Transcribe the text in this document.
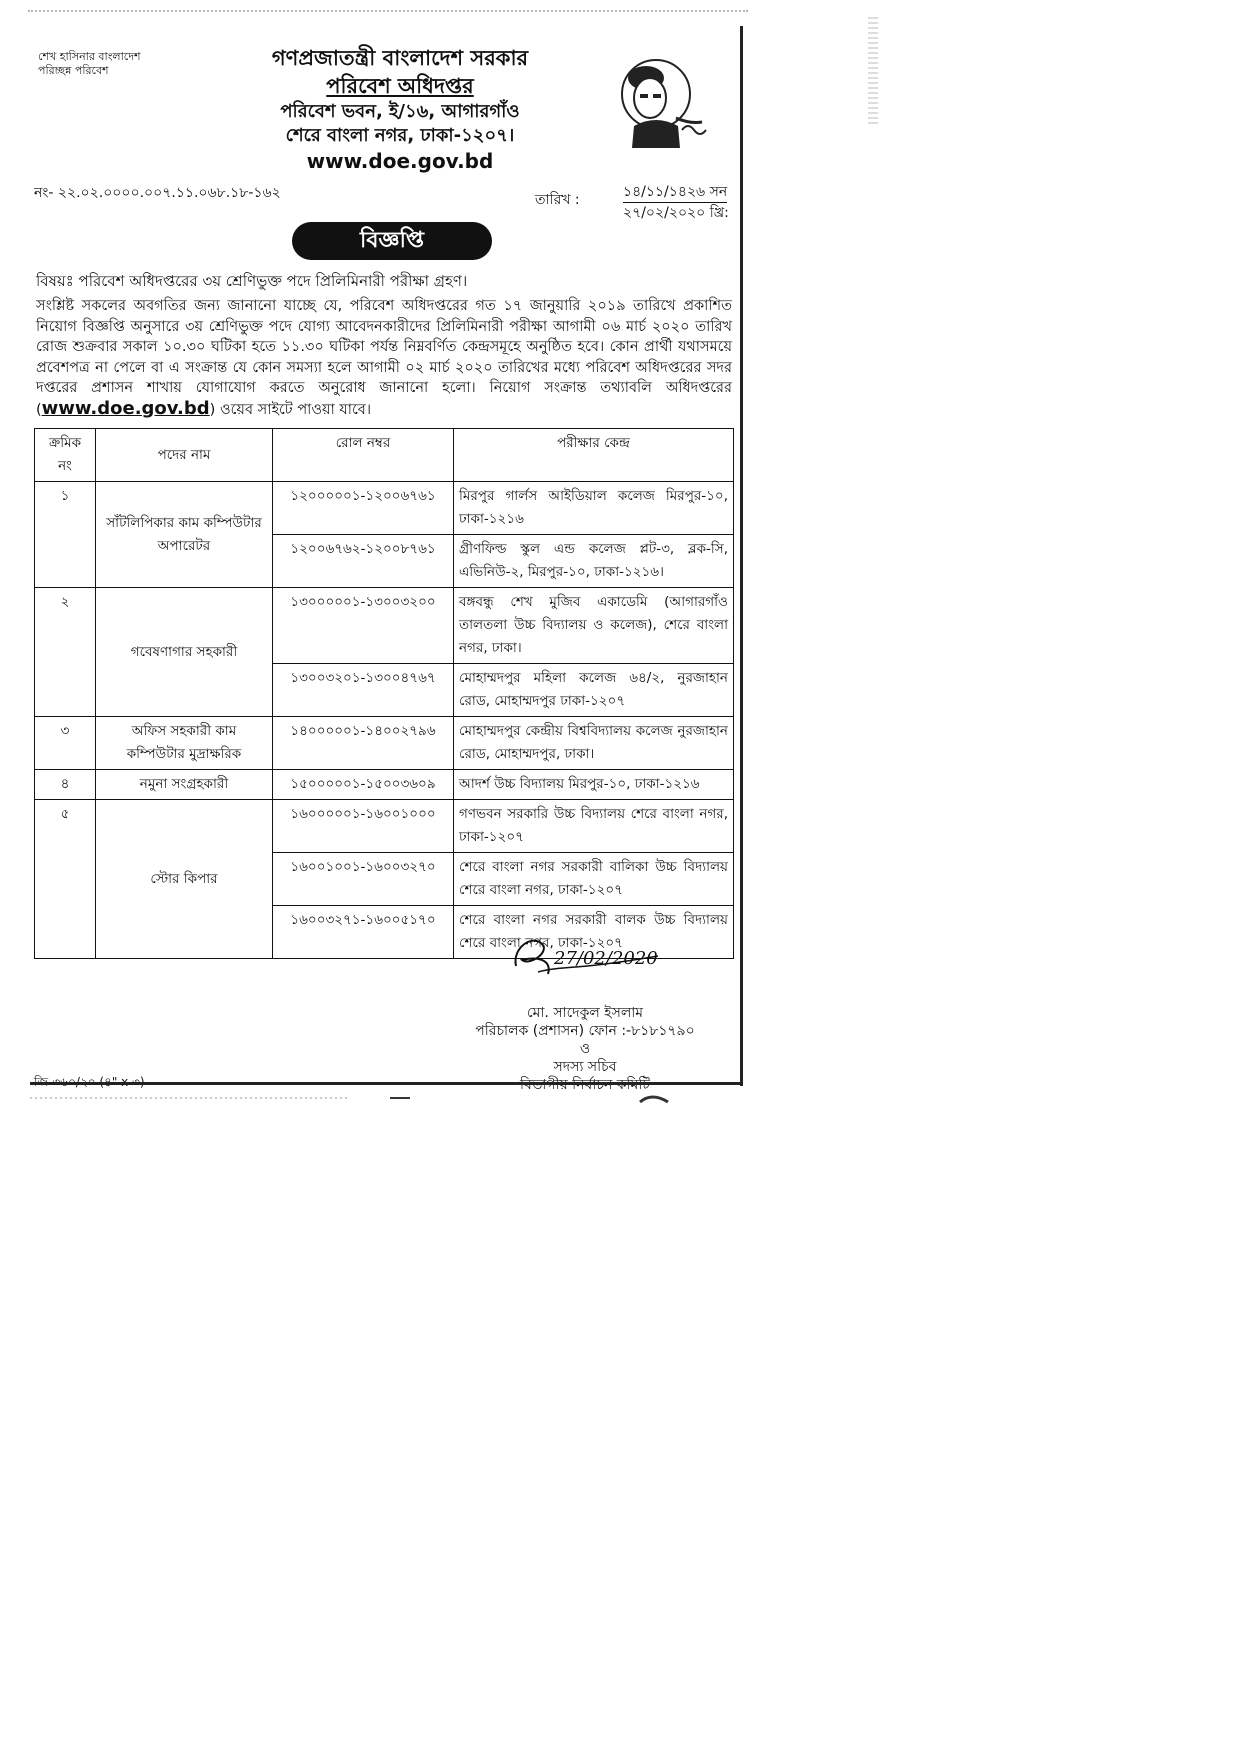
শেখ হাসিনার বাংলাদেশ
পরিচ্ছন্ন পরিবেশ
গণপ্রজাতন্ত্রী বাংলাদেশ সরকার
পরিবেশ অধিদপ্তর
পরিবেশ ভবন, ই/১৬, আগারগাঁও
শেরে বাংলা নগর, ঢাকা-১২০৭।
www.doe.gov.bd
নং- ২২.০২.০০০০.০০৭.১১.০৬৮.১৮-১৬২	তারিখ :	১৪/১১/১৪২৬ সন
২৭/০২/২০২০ খ্রি:
বিজ্ঞপ্তি
বিষয়ঃ পরিবেশ অধিদপ্তরের ৩য় শ্রেণিভুক্ত পদে প্রিলিমিনারী পরীক্ষা গ্রহণ।
সংশ্লিষ্ট সকলের অবগতির জন্য জানানো যাচ্ছে যে, পরিবেশ অধিদপ্তরের গত ১৭ জানুয়ারি ২০১৯ তারিখে প্রকাশিত নিয়োগ বিজ্ঞপ্তি অনুসারে ৩য় শ্রেণিভুক্ত পদে যোগ্য আবেদনকারীদের প্রিলিমিনারী পরীক্ষা আগামী ০৬ মার্চ ২০২০ তারিখ রোজ শুক্রবার সকাল ১০.৩০ ঘটিকা হতে ১১.৩০ ঘটিকা পর্যন্ত নিম্নবর্ণিত কেন্দ্রসমূহে অনুষ্ঠিত হবে। কোন প্রার্থী যথাসময়ে প্রবেশপত্র না পেলে বা এ সংক্রান্ত যে কোন সমস্যা হলে আগামী ০২ মার্চ ২০২০ তারিখের মধ্যে পরিবেশ অধিদপ্তরের সদর দপ্তরের প্রশাসন শাখায় যোগাযোগ করতে অনুরোধ জানানো হলো। নিয়োগ সংক্রান্ত তথ্যাবলি অধিদপ্তরের (www.doe.gov.bd) ওয়েব সাইটে পাওয়া যাবে।
ক্রমিক নং	পদের নাম	রোল নম্বর	পরীক্ষার কেন্দ্র
১	সাঁটলিপিকার কাম কম্পিউটার অপারেটর	১২০০০০০১-১২০০৬৭৬১	মিরপুর গার্লস আইডিয়াল কলেজ মিরপুর-১০, ঢাকা-১২১৬
		১২০০৬৭৬২-১২০০৮৭৬১	গ্রীণফিল্ড স্কুল এন্ড কলেজ প্লট-৩, ব্লক-সি, এভিনিউ-২, মিরপুর-১০, ঢাকা-১২১৬।
২	গবেষণাগার সহকারী	১৩০০০০০১-১৩০০৩২০০	বঙ্গবন্ধু শেখ মুজিব একাডেমি (আগারগাঁও তালতলা উচ্চ বিদ্যালয় ও কলেজ), শেরে বাংলা নগর, ঢাকা।
		১৩০০৩২০১-১৩০০৪৭৬৭	মোহাম্মদপুর মহিলা কলেজ ৬৪/২, নুরজাহান রোড, মোহাম্মদপুর ঢাকা-১২০৭
৩	অফিস সহকারী কাম কম্পিউটার মুদ্রাক্ষরিক	১৪০০০০০১-১৪০০২৭৯৬	মোহাম্মদপুর কেন্দ্রীয় বিশ্ববিদ্যালয় কলেজ নুরজাহান রোড, মোহাম্মদপুর, ঢাকা।
৪	নমুনা সংগ্রহকারী	১৫০০০০০১-১৫০০৩৬০৯	আদর্শ উচ্চ বিদ্যালয় মিরপুর-১০, ঢাকা-১২১৬
৫	স্টোর কিপার	১৬০০০০০১-১৬০০১০০০	গণভবন সরকারি উচ্চ বিদ্যালয় শেরে বাংলা নগর, ঢাকা-১২০৭
		১৬০০১০০১-১৬০০৩২৭০	শেরে বাংলা নগর সরকারী বালিকা উচ্চ বিদ্যালয় শেরে বাংলা নগর, ঢাকা-১২০৭
		১৬০০৩২৭১-১৬০০৫১৭০	শেরে বাংলা নগর সরকারী বালক উচ্চ বিদ্যালয় শেরে বাংলা নগর, ঢাকা-১২০৭
27/02/2020
মো. সাদেকুল ইসলাম
পরিচালক (প্রশাসন) ফোন :-৮১৮১৭৯০
ও
সদস্য সচিব
বিভাগীয় নির্বাচন কমিটি
জি-৩৬০/২০ (৪" x ৩)
